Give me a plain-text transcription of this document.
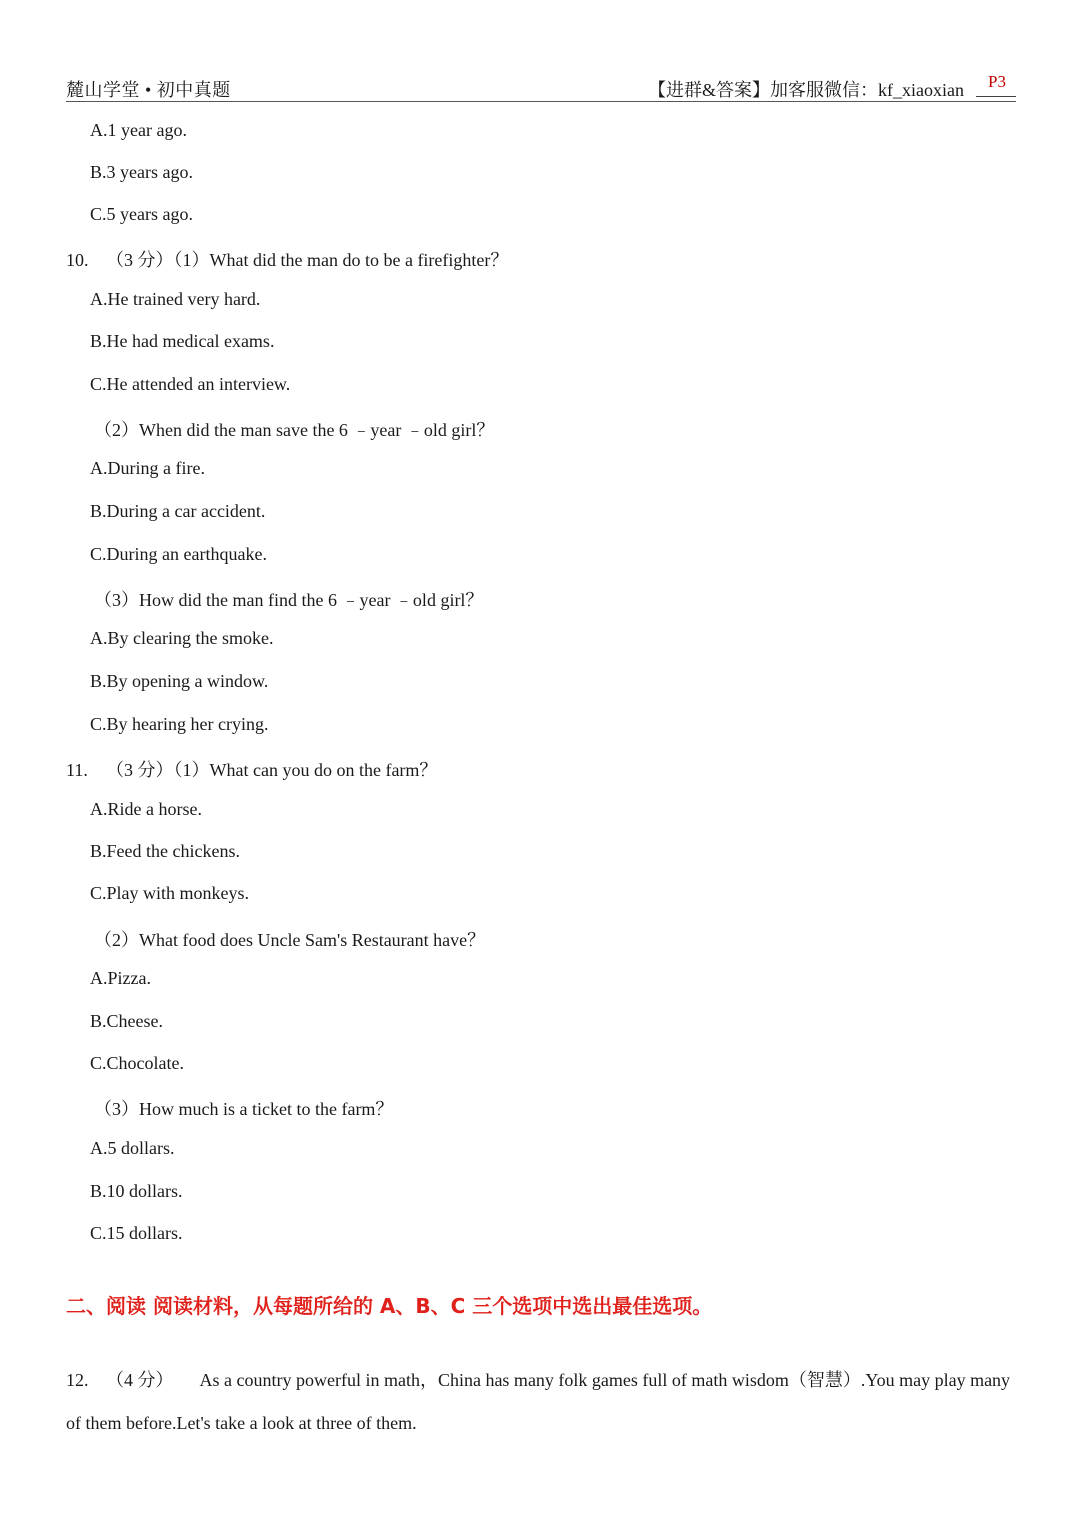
麓山学堂 • 初中真题	【进群&答案】加客服微信：kf_xiaoxian P3
A.1 year ago.
B.3 years ago.
C.5 years ago.
10. （3 分）（1）What did the man do to be a firefighter？
A.He trained very hard.
B.He had medical exams.
C.He attended an interview.
（2）When did the man save the 6 ﹣year ﹣old girl？
A.During a fire.
B.During a car accident.
C.During an earthquake.
（3）How did the man find the 6 ﹣year ﹣old girl？
A.By clearing the smoke.
B.By opening a window.
C.By hearing her crying.
11. （3 分）（1）What can you do on the farm？
A.Ride a horse.
B.Feed the chickens.
C.Play with monkeys.
（2）What food does Uncle Sam's Restaurant have？
A.Pizza.
B.Cheese.
C.Chocolate.
（3）How much is a ticket to the farm？
A.5 dollars.
B.10 dollars.
C.15 dollars.
二、阅读 阅读材料，从每题所给的 A、B、C 三个选项中选出最佳选项。
12. （4 分） As a country powerful in math，China has many folk games full of math wisdom（智慧）.You may play many of them before.Let's take a look at three of them.
